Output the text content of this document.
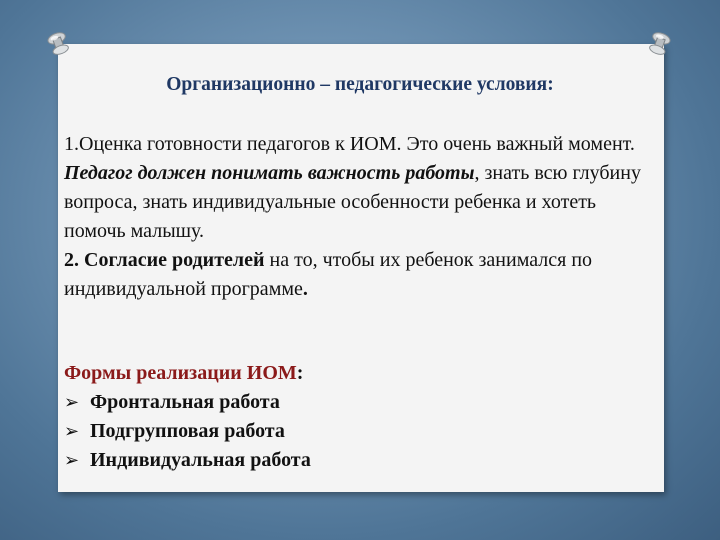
Организационно – педагогические условия:

1.Оценка готовности педагогов к ИОМ. Это очень важный момент. Педагог должен понимать важность работы, знать всю глубину вопроса, знать индивидуальные особенности ребенка и хотеть помочь малышу.

2. Согласие родителей на то, чтобы их ребенок занимался по индивидуальной программе.

Формы реализации ИОМ:
➢ Фронтальная работа
➢ Подгрупповая работа
➢ Индивидуальная работа
